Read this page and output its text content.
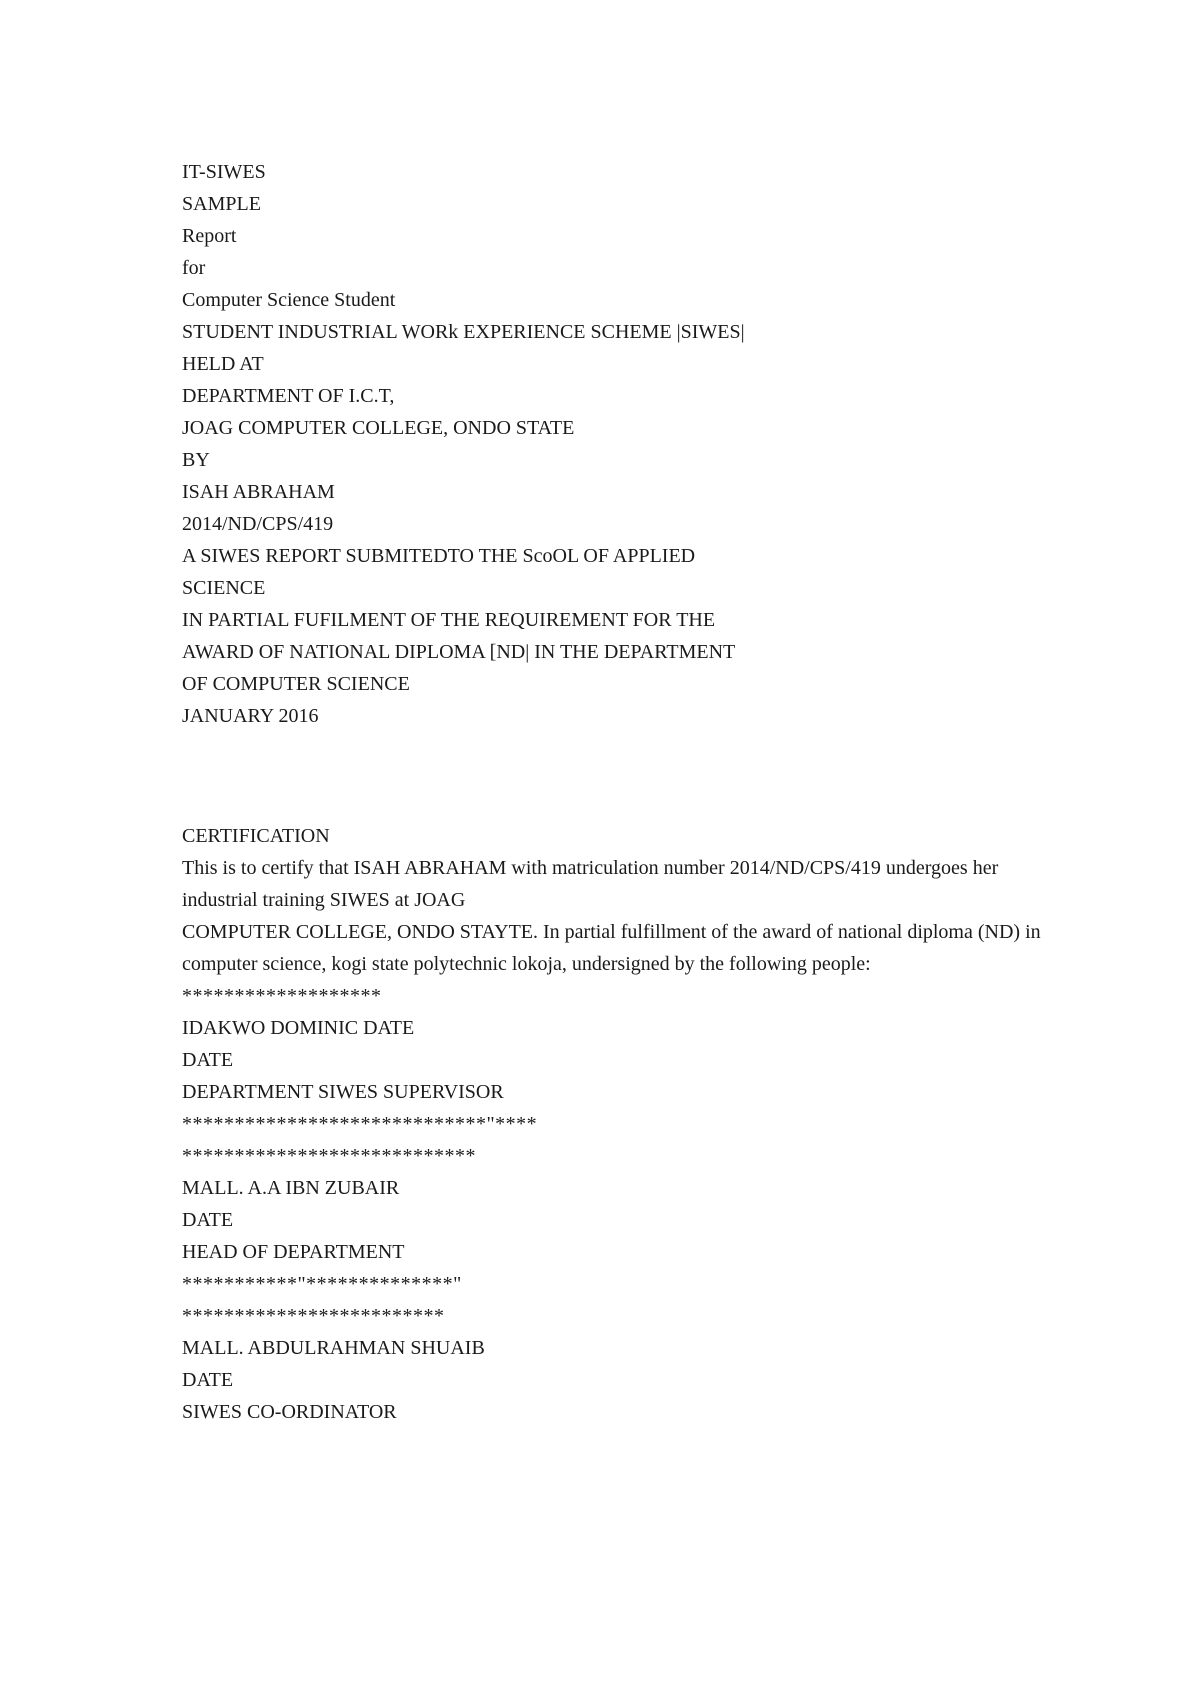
IT-SIWES
SAMPLE
Report
for
Computer Science Student
STUDENT INDUSTRIAL WORk EXPERIENCE SCHEME |SIWES|
HELD AT
DEPARTMENT OF I.C.T,
JOAG COMPUTER COLLEGE, ONDO STATE
BY
ISAH ABRAHAM
2014/ND/CPS/419
A SIWES REPORT SUBMITEDTO THE ScoOL OF APPLIED
SCIENCE
IN PARTIAL FUFILMENT OF THE REQUIREMENT FOR THE
AWARD OF NATIONAL DIPLOMA [ND| IN THE DEPARTMENT
OF COMPUTER SCIENCE
JANUARY 2016
CERTIFICATION
This is to certify that ISAH ABRAHAM with matriculation number 2014/ND/CPS/419 undergoes her industrial training SIWES at JOAG
COMPUTER COLLEGE, ONDO STAYTE. In partial fulfillment of the award of national diploma (ND) in computer science, kogi state polytechnic lokoja, undersigned by the following people:
*******************
IDAKWO DOMINIC DATE
DATE
DEPARTMENT SIWES SUPERVISOR
*****************************"****
****************************
MALL. A.A IBN ZUBAIR
DATE
HEAD OF DEPARTMENT
***********"**************"
*************************
MALL. ABDULRAHMAN SHUAIB
DATE
SIWES CO-ORDINATOR
